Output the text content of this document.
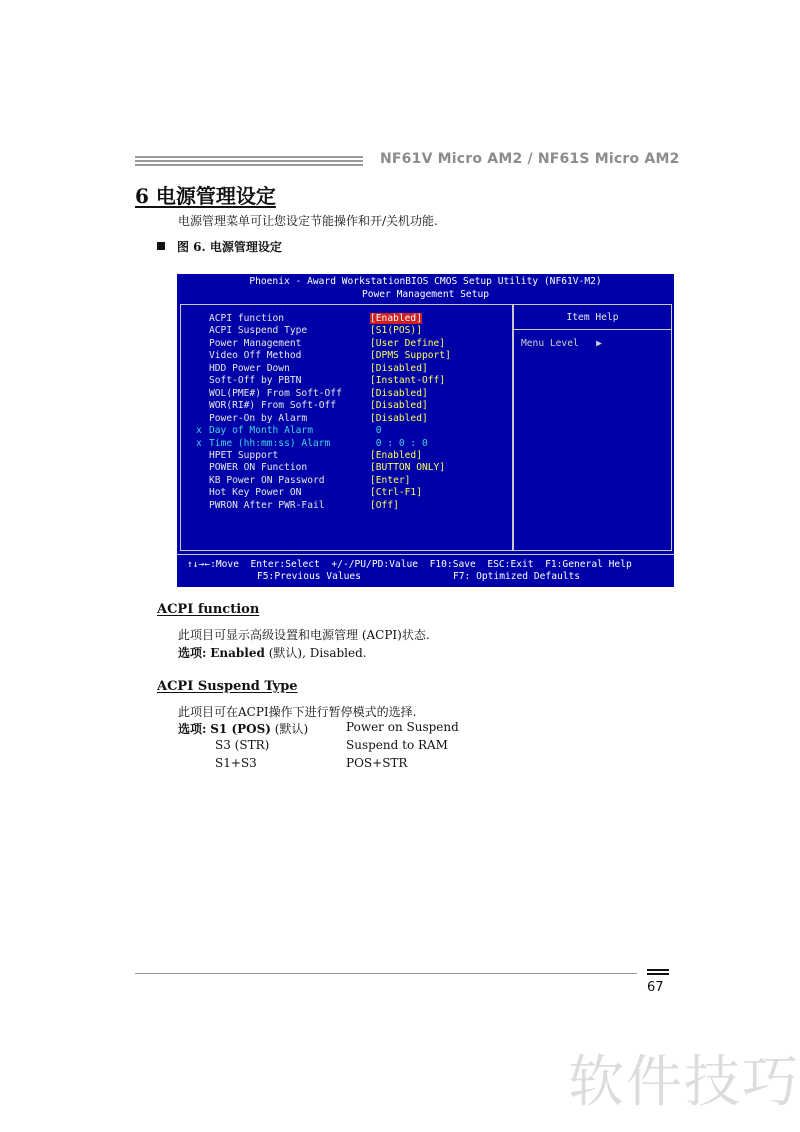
NF61V Micro AM2 / NF61S Micro AM2
6 电源管理设定
电源管理菜单可让您设定节能操作和开/关机功能.
图 6. 电源管理设定
Phoenix - Award WorkstationBIOS CMOS Setup Utility (NF61V-M2)
Power Management Setup
ACPI function	[Enabled]
ACPI Suspend Type	[S1(POS)]
Power Management	[User Define]
Video Off Method	[DPMS Support]
HDD Power Down	[Disabled]
Soft-Off by PBTN	[Instant-Off]
WOL(PME#) From Soft-Off	[Disabled]
WOR(RI#) From Soft-Off	[Disabled]
Power-On by Alarm	[Disabled]
x Day of Month Alarm	0
x Time (hh:mm:ss) Alarm	0 : 0 : 0
HPET Support	[Enabled]
POWER ON Function	[BUTTON ONLY]
KB Power ON Password	[Enter]
Hot Key Power ON	[Ctrl-F1]
PWRON After PWR-Fail	[Off]
Item Help
Menu Level   ▶
↑↓→←:Move  Enter:Select  +/-/PU/PD:Value  F10:Save  ESC:Exit  F1:General Help
F5:Previous Values	F7: Optimized Defaults
ACPI function
此项目可显示高级设置和电源管理 (ACPI)状态.
选项: Enabled (默认), Disabled.
ACPI Suspend Type
此项目可在ACPI操作下进行暂停模式的选择.
选项: S1 (POS) (默认)	Power on Suspend
S3 (STR)	Suspend to RAM
S1+S3	POS+STR
67
软件技巧
